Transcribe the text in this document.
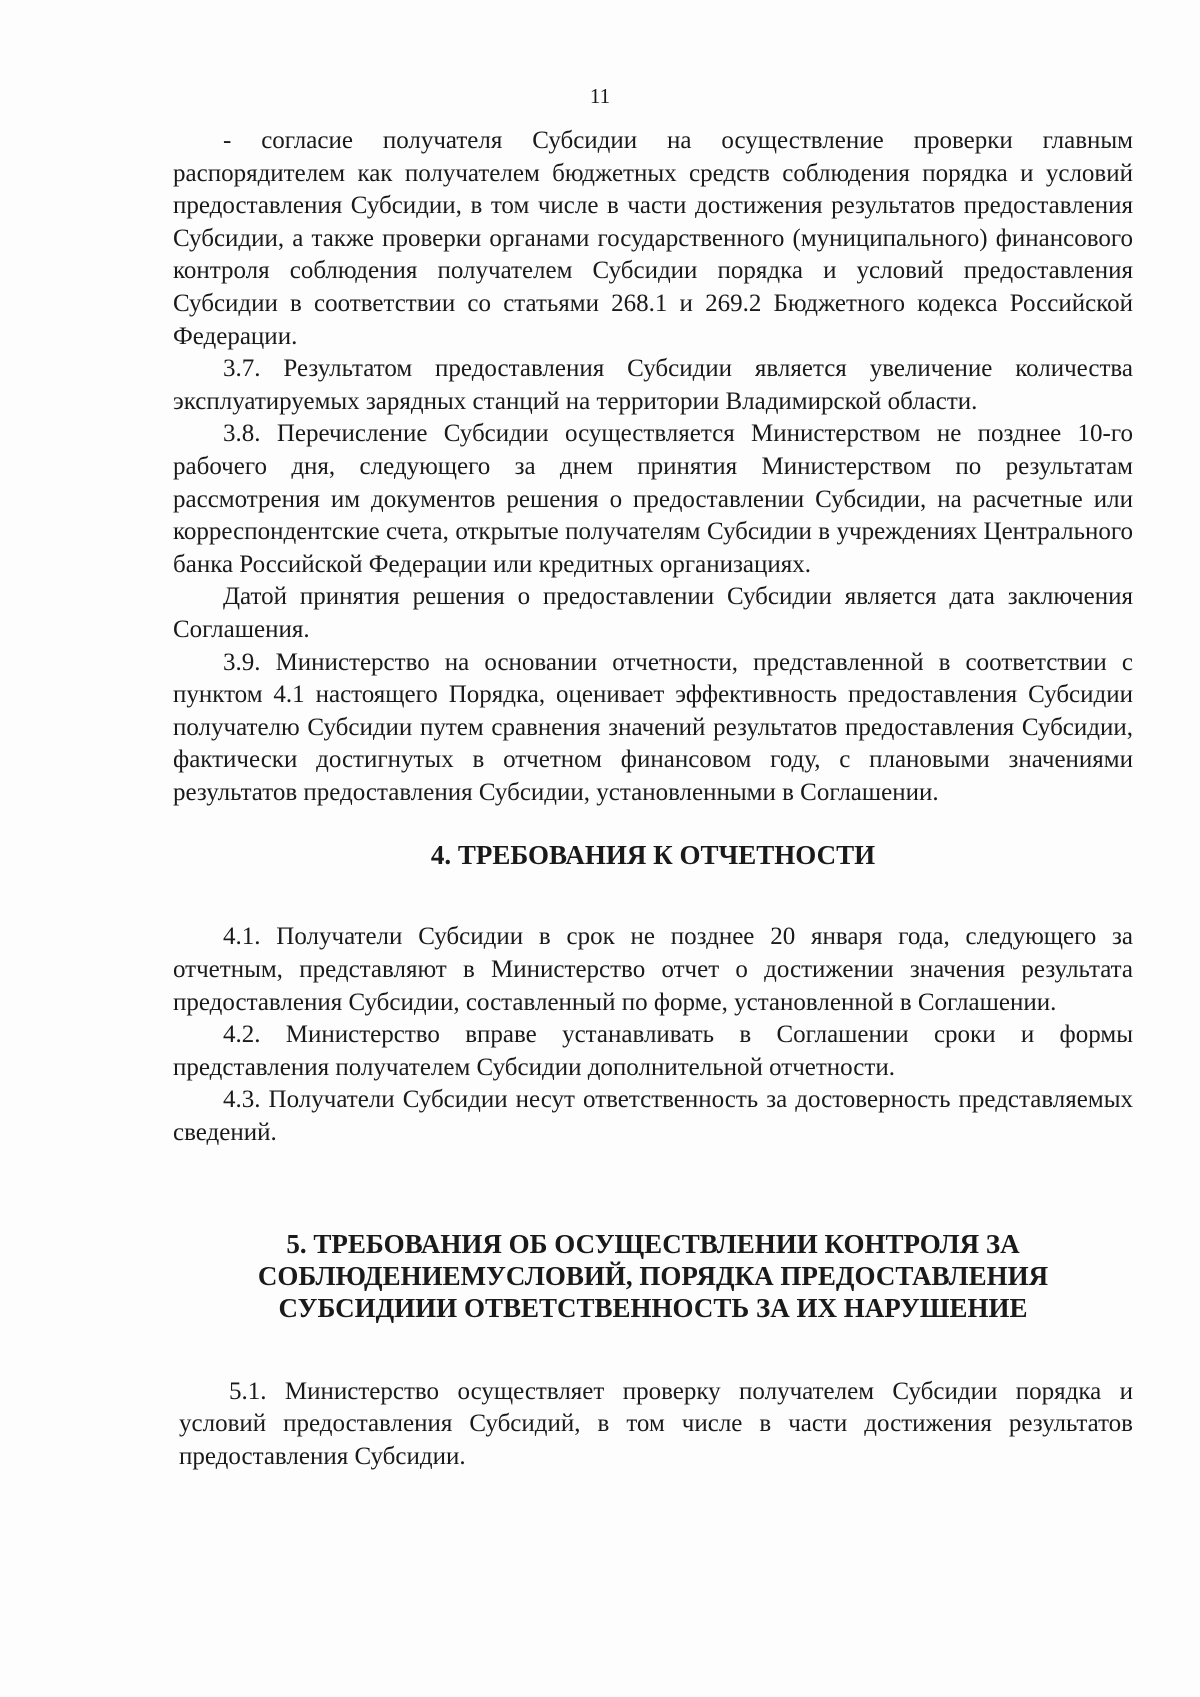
11

- согласие получателя Субсидии на осуществление проверки главным распорядителем как получателем бюджетных средств соблюдения порядка и условий предоставления Субсидии, в том числе в части достижения результатов предоставления Субсидии, а также проверки органами государственного (муниципального) финансового контроля соблюдения получателем Субсидии порядка и условий предоставления Субсидии в соответствии со статьями 268.1 и 269.2 Бюджетного кодекса Российской Федерации.

3.7. Результатом предоставления Субсидии является увеличение количества эксплуатируемых зарядных станций на территории Владимирской области.

3.8. Перечисление Субсидии осуществляется Министерством не позднее 10-го рабочего дня, следующего за днем принятия Министерством по результатам рассмотрения им документов решения о предоставлении Субсидии, на расчетные или корреспондентские счета, открытые получателям Субсидии в учреждениях Центрального банка Российской Федерации или кредитных организациях.

Датой принятия решения о предоставлении Субсидии является дата заключения Соглашения.

3.9. Министерство на основании отчетности, представленной в соответствии с пунктом 4.1 настоящего Порядка, оценивает эффективность предоставления Субсидии получателю Субсидии путем сравнения значений результатов предоставления Субсидии, фактически достигнутых в отчетном финансовом году, с плановыми значениями результатов предоставления Субсидии, установленными в Соглашении.

4. ТРЕБОВАНИЯ К ОТЧЕТНОСТИ

4.1. Получатели Субсидии в срок не позднее 20 января года, следующего за отчетным, представляют в Министерство отчет о достижении значения результата предоставления Субсидии, составленный по форме, установленной в Соглашении.

4.2. Министерство вправе устанавливать в Соглашении сроки и формы представления получателем Субсидии дополнительной отчетности.

4.3. Получатели Субсидии несут ответственность за достоверность представляемых сведений.

5. ТРЕБОВАНИЯ ОБ ОСУЩЕСТВЛЕНИИ КОНТРОЛЯ ЗА
СОБЛЮДЕНИЕМУСЛОВИЙ, ПОРЯДКА ПРЕДОСТАВЛЕНИЯ
СУБСИДИИИ ОТВЕТСТВЕННОСТЬ ЗА ИХ НАРУШЕНИЕ

5.1. Министерство осуществляет проверку получателем Субсидии порядка и условий предоставления Субсидий, в том числе в части достижения результатов предоставления Субсидии.
